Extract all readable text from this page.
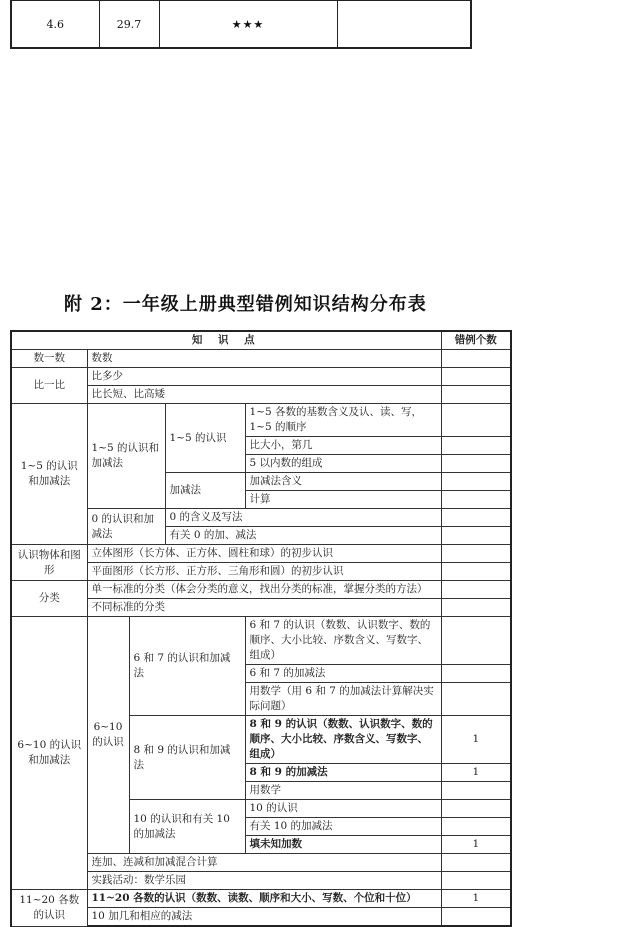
4.6	29.7	★★★	
附 2：一年级上册典型错例知识结构分布表
知 识 点					错例个数
数一数	数数				
比一比	比多少				
	比长短、比高矮				
1~5 的认识和加减法	1~5 的认识和加减法		1~5 的认识	1~5 各数的基数含义及认、读、写，1~5 的顺序	
				比大小，第几	
				5 以内数的组成	
			加减法	加减法含义	
				计算	
	0 的认识和加减法		0 的含义及写法		
			有关 0 的加、减法		
认识物体和图形	立体图形（长方体、正方体、圆柱和球）的初步认识				
	平面图形（长方形、正方形、三角形和圆）的初步认识				
分类	单一标准的分类（体会分类的意义，找出分类的标准，掌握分类的方法）				
	不同标准的分类				
6~10 的认识和加减法	6~10 的认识	6 和 7 的认识和加减法		6 和 7 的认识（数数、认识数字、数的顺序、大小比较、序数含义、写数字、组成）	
				6 和 7 的加减法	
				用数学（用 6 和 7 的加减法计算解决实际问题）	
		8 和 9 的认识和加减法		8 和 9 的认识（数数、认识数字、数的顺序、大小比较、序数含义、写数字、组成）	1
				8 和 9 的加减法	1
				用数学	
		10 的认识和有关 10 的加减法		10 的认识	
				有关 10 的加减法	
				填未知加数	1
	连加、连减和加减混合计算				
	实践活动：数学乐园				
11~20 各数的认识	11~20 各数的认识（数数、读数、顺序和大小、写数、个位和十位）				1
	10 加几和相应的减法				
